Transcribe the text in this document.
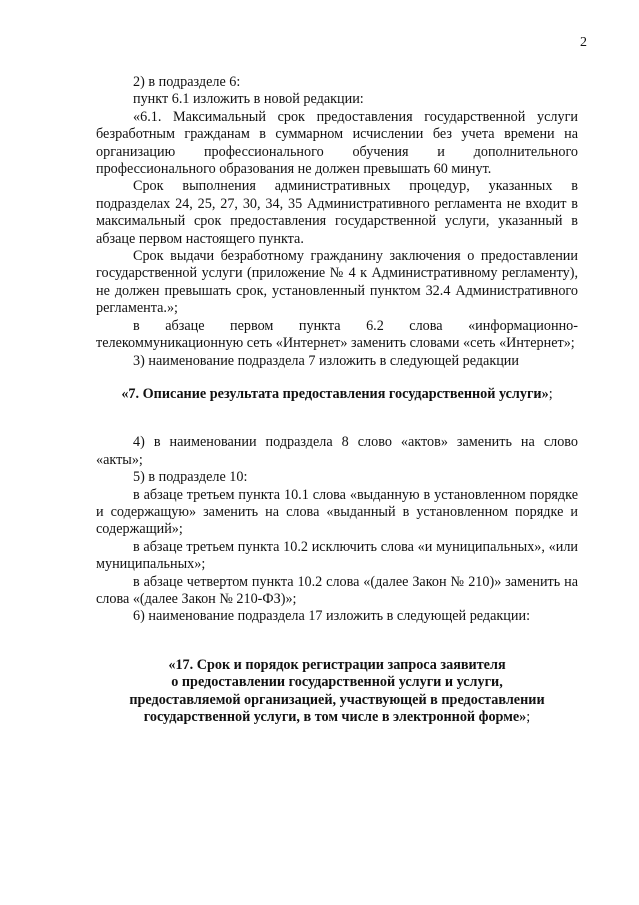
2

2) в подразделе 6:

пункт 6.1 изложить в новой редакции:

«6.1. Максимальный срок предоставления государственной услуги безработным гражданам в суммарном исчислении без учета времени на организацию профессионального обучения и дополнительного профессионального образования не должен превышать 60 минут.

Срок выполнения административных процедур, указанных в подразделах 24, 25, 27, 30, 34, 35 Административного регламента не входит в максимальный срок предоставления государственной услуги, указанный в абзаце первом настоящего пункта.

Срок выдачи безработному гражданину заключения о предоставлении государственной услуги (приложение № 4 к Административному регламенту), не должен превышать срок, установленный пунктом 32.4 Административного регламента.»;

в абзаце первом пункта 6.2 слова «информационно-телекоммуникационную сеть «Интернет» заменить словами «сеть «Интернет»;

3) наименование подраздела 7 изложить в следующей редакции

«7. Описание результата предоставления государственной услуги»;

4) в наименовании подраздела 8 слово «актов» заменить на слово «акты»;

5) в подразделе 10:

в абзаце третьем пункта 10.1 слова «выданную в установленном порядке и содержащую» заменить на слова «выданный в установленном порядке и содержащий»;

в абзаце третьем пункта 10.2 исключить слова «и муниципальных», «или муниципальных»;

в абзаце четвертом пункта 10.2 слова «(далее Закон № 210)» заменить на слова «(далее Закон № 210-ФЗ)»;

6) наименование подраздела 17 изложить в следующей редакции:

«17. Срок и порядок регистрации запроса заявителя
о предоставлении государственной услуги и услуги,
предоставляемой организацией, участвующей в предоставлении
государственной услуги, в том числе в электронной форме»;
